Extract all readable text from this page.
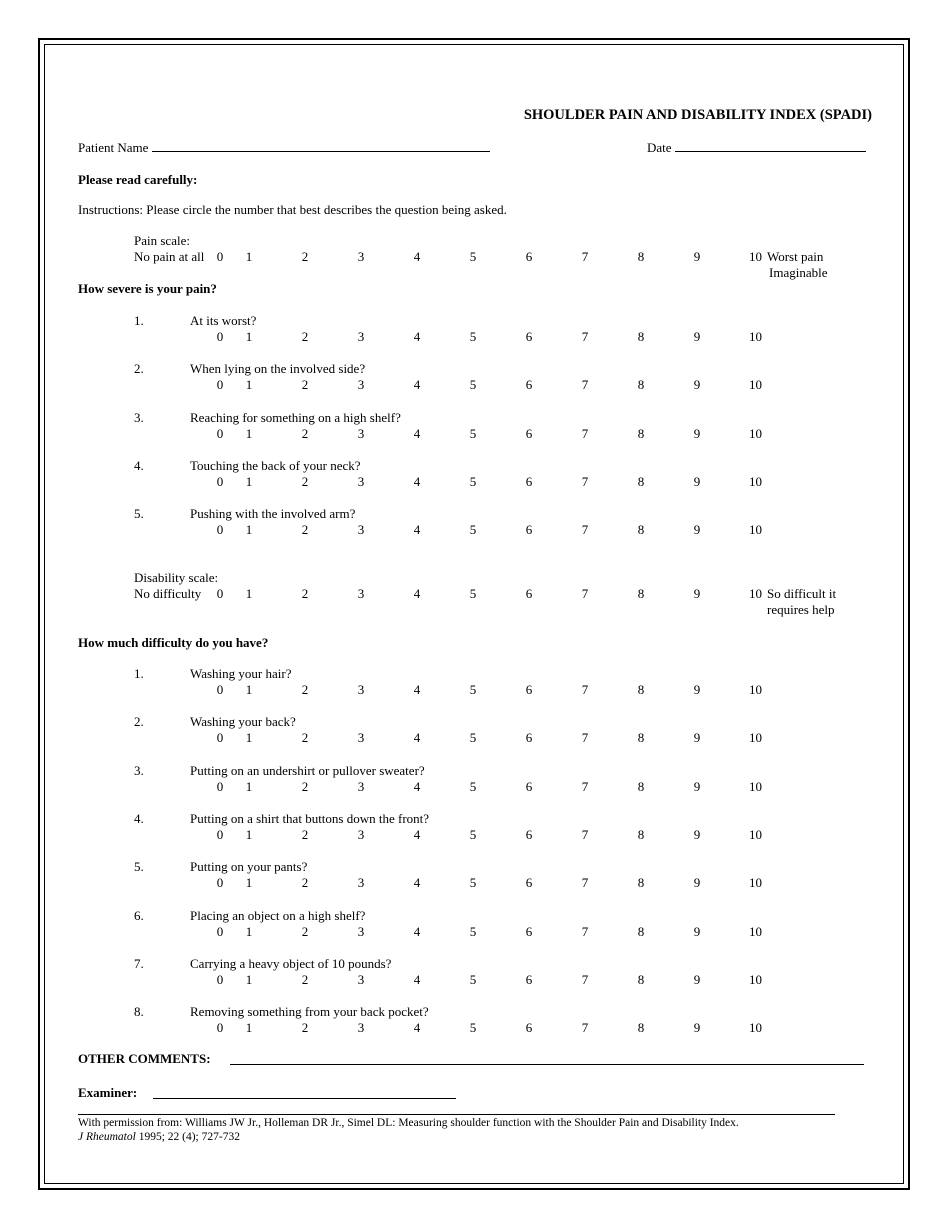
SHOULDER PAIN AND DISABILITY INDEX (SPADI)
Patient Name	Date
Please read carefully:
Instructions: Please circle the number that best describes the question being asked.
Pain scale:
No pain at all 0	1	2	3	4	5	6	7	8	9	10 Worst pain
Imaginable
How severe is your pain?
1.	At its worst?
0	1	2	3	4	5	6	7	8	9	10
2.	When lying on the involved side?
0	1	2	3	4	5	6	7	8	9	10
3.	Reaching for something on a high shelf?
0	1	2	3	4	5	6	7	8	9	10
4.	Touching the back of your neck?
0	1	2	3	4	5	6	7	8	9	10
5.	Pushing with the involved arm?
0	1	2	3	4	5	6	7	8	9	10
Disability scale:
No difficulty	0	1	2	3	4	5	6	7	8	9	10 So difficult it
requires help
How much difficulty do you have?
1.	Washing your hair?
0	1	2	3	4	5	6	7	8	9	10
2.	Washing your back?
0	1	2	3	4	5	6	7	8	9	10
3.	Putting on an undershirt or pullover sweater?
0	1	2	3	4	5	6	7	8	9	10
4.	Putting on a shirt that buttons down the front?
0	1	2	3	4	5	6	7	8	9	10
5.	Putting on your pants?
0	1	2	3	4	5	6	7	8	9	10
6.	Placing an object on a high shelf?
0	1	2	3	4	5	6	7	8	9	10
7.	Carrying a heavy object of 10 pounds?
0	1	2	3	4	5	6	7	8	9	10
8.	Removing something from your back pocket?
0	1	2	3	4	5	6	7	8	9	10
OTHER COMMENTS:
Examiner:
With permission from: Williams JW Jr., Holleman DR Jr., Simel DL: Measuring shoulder function with the Shoulder Pain and Disability Index.
J Rheumatol 1995; 22 (4); 727-732
